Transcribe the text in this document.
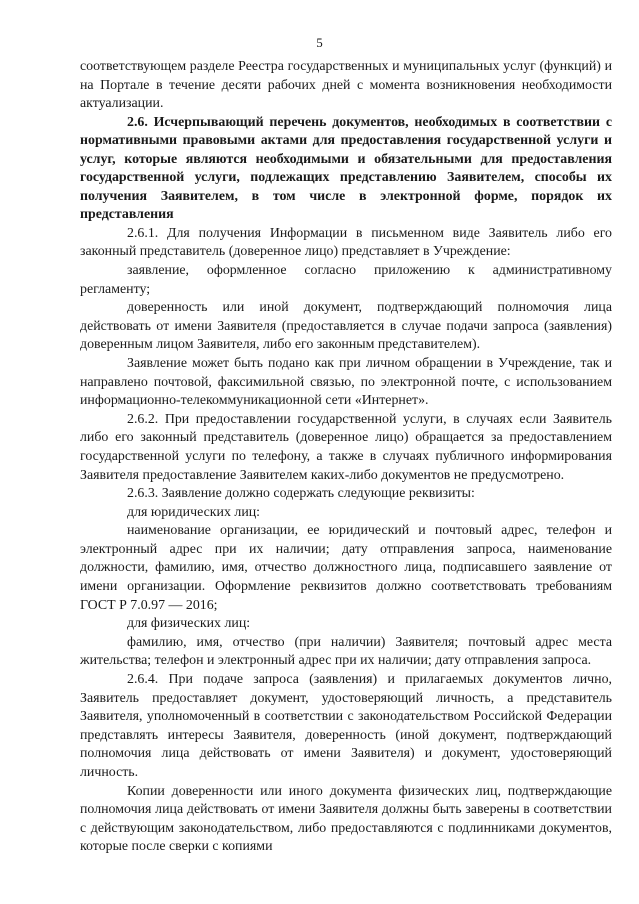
5

соответствующем разделе Реестра государственных и муниципальных услуг (функций) и на Портале в течение десяти рабочих дней с момента возникновения необходимости актуализации.

2.6. Исчерпывающий перечень документов, необходимых в соответствии с нормативными правовыми актами для предоставления государственной услуги и услуг, которые являются необходимыми и обязательными для предоставления государственной услуги, подлежащих представлению Заявителем, способы их получения Заявителем, в том числе в электронной форме, порядок их представления

2.6.1. Для получения Информации в письменном виде Заявитель либо его законный представитель (доверенное лицо) представляет в Учреждение:

заявление, оформленное согласно приложению к административному регламенту;

доверенность или иной документ, подтверждающий полномочия лица действовать от имени Заявителя (предоставляется в случае подачи запроса (заявления) доверенным лицом Заявителя, либо его законным представителем).

Заявление может быть подано как при личном обращении в Учреждение, так и направлено почтовой, факсимильной связью, по электронной почте, с использованием информационно-телекоммуникационной сети «Интернет».

2.6.2. При предоставлении государственной услуги, в случаях если Заявитель либо его законный представитель (доверенное лицо) обращается за предоставлением государственной услуги по телефону, а также в случаях публичного информирования Заявителя предоставление Заявителем каких-либо документов не предусмотрено.

2.6.3. Заявление должно содержать следующие реквизиты:

для юридических лиц:

наименование организации, ее юридический и почтовый адрес, телефон и электронный адрес при их наличии; дату отправления запроса, наименование должности, фамилию, имя, отчество должностного лица, подписавшего заявление от имени организации. Оформление реквизитов должно соответствовать требованиям ГОСТ Р 7.0.97 — 2016;

для физических лиц:

фамилию, имя, отчество (при наличии) Заявителя; почтовый адрес места жительства; телефон и электронный адрес при их наличии; дату отправления запроса.

2.6.4. При подаче запроса (заявления) и прилагаемых документов лично, Заявитель предоставляет документ, удостоверяющий личность, а представитель Заявителя, уполномоченный в соответствии с законодательством Российской Федерации представлять интересы Заявителя, доверенность (иной документ, подтверждающий полномочия лица действовать от имени Заявителя) и документ, удостоверяющий личность.

Копии доверенности или иного документа физических лиц, подтверждающие полномочия лица действовать от имени Заявителя должны быть заверены в соответствии с действующим законодательством, либо предоставляются с подлинниками документов, которые после сверки с копиями
